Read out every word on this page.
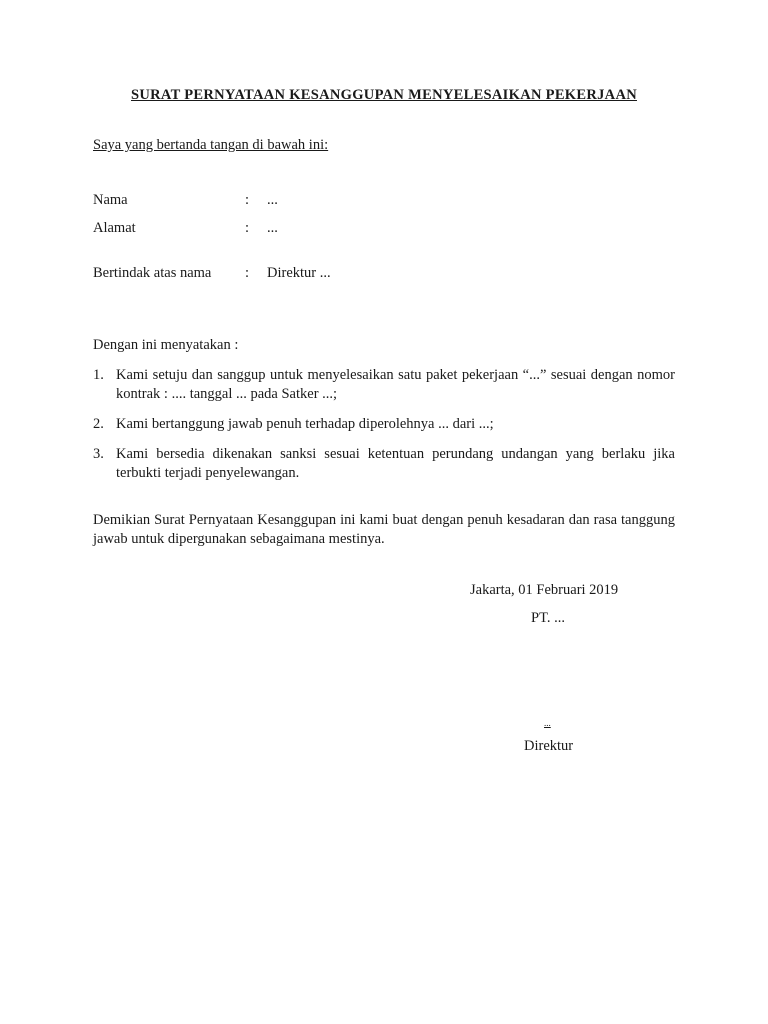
SURAT PERNYATAAN KESANGGUPAN MENYELESAIKAN PEKERJAAN
Saya yang bertanda tangan di bawah ini:
Nama	: ...
Alamat	: ...
Bertindak atas nama : Direktur ...
Dengan ini menyatakan :
1. Kami setuju dan sanggup untuk menyelesaikan satu paket pekerjaan “...” sesuai dengan nomor kontrak : .... tanggal ... pada Satker ...;
2. Kami bertanggung jawab penuh terhadap diperolehnya ... dari ...;
3. Kami bersedia dikenakan sanksi sesuai ketentuan perundang undangan yang berlaku jika terbukti terjadi penyelewangan.
Demikian Surat Pernyataan Kesanggupan ini kami buat dengan penuh kesadaran dan rasa tanggung jawab untuk dipergunakan sebagaimana mestinya.
Jakarta, 01 Februari 2019
PT. ...
...
Direktur
